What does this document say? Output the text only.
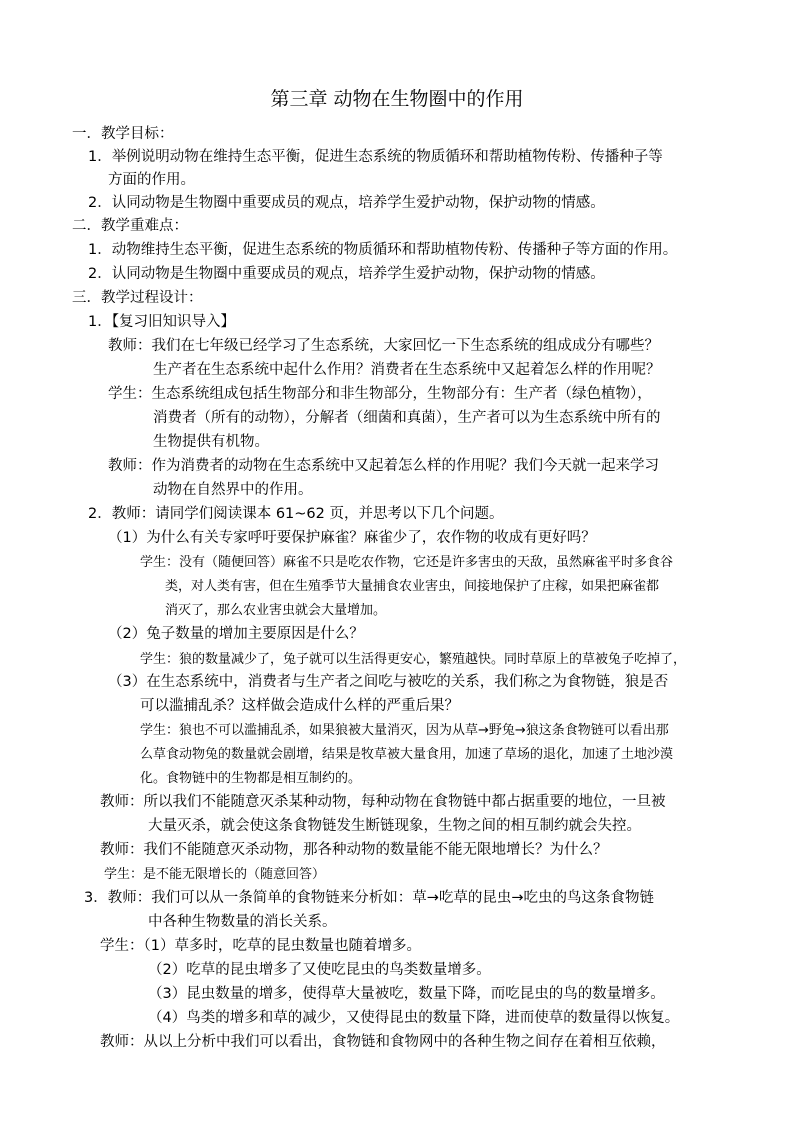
第三章 动物在生物圈中的作用
一．教学目标：
1．举例说明动物在维持生态平衡，促进生态系统的物质循环和帮助植物传粉、传播种子等
方面的作用。
2．认同动物是生物圈中重要成员的观点，培养学生爱护动物，保护动物的情感。
二．教学重难点：
1．动物维持生态平衡，促进生态系统的物质循环和帮助植物传粉、传播种子等方面的作用。
2．认同动物是生物圈中重要成员的观点，培养学生爱护动物，保护动物的情感。
三．教学过程设计：
1．【复习旧知识导入】
教师：我们在七年级已经学习了生态系统，大家回忆一下生态系统的组成成分有哪些？
生产者在生态系统中起什么作用？消费者在生态系统中又起着怎么样的作用呢？
学生：生态系统组成包括生物部分和非生物部分，生物部分有：生产者（绿色植物），
消费者（所有的动物），分解者（细菌和真菌），生产者可以为生态系统中所有的
生物提供有机物。
教师：作为消费者的动物在生态系统中又起着怎么样的作用呢？我们今天就一起来学习
动物在自然界中的作用。
2．教师：请同学们阅读课本 61~62 页，并思考以下几个问题。
（1）为什么有关专家呼吁要保护麻雀？麻雀少了，农作物的收成有更好吗？
学生：没有（随便回答）麻雀不只是吃农作物，它还是许多害虫的天敌，虽然麻雀平时多食谷
类，对人类有害，但在生殖季节大量捕食农业害虫，间接地保护了庄稼，如果把麻雀都
消灭了，那么农业害虫就会大量增加。
（2）兔子数量的增加主要原因是什么？
学生：狼的数量减少了，兔子就可以生活得更安心，繁殖越快。同时草原上的草被兔子吃掉了，
（3）在生态系统中，消费者与生产者之间吃与被吃的关系，我们称之为食物链，狼是否
可以滥捕乱杀？这样做会造成什么样的严重后果？
学生：狼也不可以滥捕乱杀，如果狼被大量消灭，因为从草→野兔→狼这条食物链可以看出那
么草食动物兔的数量就会剧增，结果是牧草被大量食用，加速了草场的退化，加速了土地沙漠
化。食物链中的生物都是相互制约的。
教师：所以我们不能随意灭杀某种动物，每种动物在食物链中都占据重要的地位，一旦被
大量灭杀，就会使这条食物链发生断链现象，生物之间的相互制约就会失控。
教师：我们不能随意灭杀动物，那各种动物的数量能不能无限地增长？为什么？
学生：是不能无限增长的（随意回答）
3．教师：我们可以从一条简单的食物链来分析如：草→吃草的昆虫→吃虫的鸟这条食物链
中各种生物数量的消长关系。
学生：（1）草多时，吃草的昆虫数量也随着增多。
（2）吃草的昆虫增多了又使吃昆虫的鸟类数量增多。
（3）昆虫数量的增多，使得草大量被吃，数量下降，而吃昆虫的鸟的数量增多。
（4）鸟类的增多和草的减少，又使得昆虫的数量下降，进而使草的数量得以恢复。
教师：从以上分析中我们可以看出，食物链和食物网中的各种生物之间存在着相互依赖，
